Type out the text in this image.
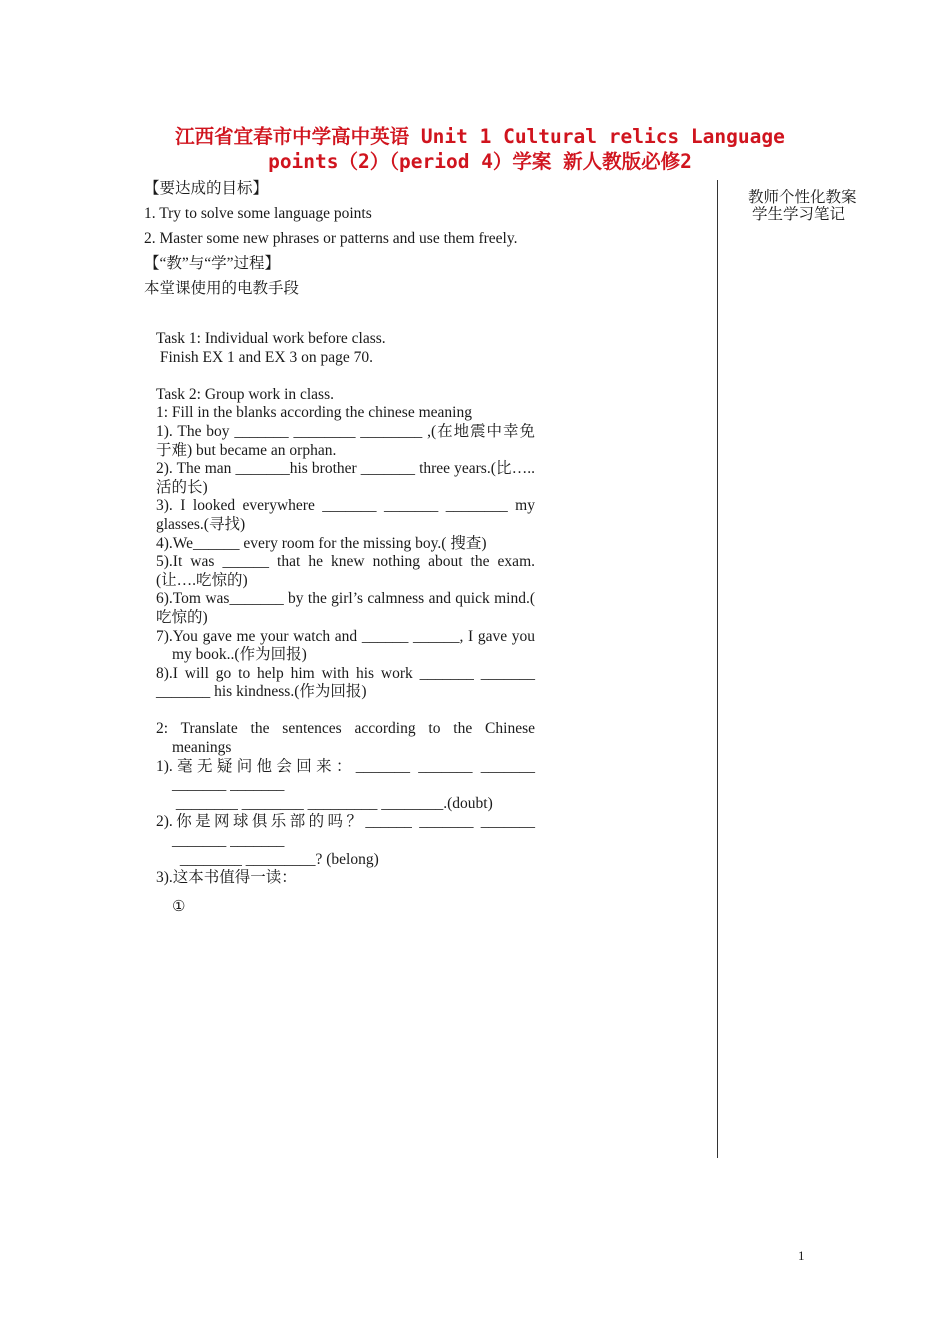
江西省宜春市中学高中英语 Unit 1 Cultural relics Language
points（2）（period 4）学案 新人教版必修2
【要达成的目标】
1. Try to solve some language points
2. Master some new phrases or patterns and use them freely.
【“教”与“学”过程】
本堂课使用的电教手段
教师个性化教案
学生学习笔记
Task 1: Individual work before class.
Finish EX 1 and EX 3 on page 70.
Task 2: Group work in class.
1: Fill in the blanks according the chinese meaning
1). The boy _______ ________ ________ ,(在地震中幸免于难) but became an orphan.
2). The man _______his brother _______ three years.(比….. 活的长)
3). I looked everywhere _______ _______ ________ my glasses.(寻找)
4).We______ every room for the missing boy.( 搜查)
5).It was ______ that he knew nothing about the exam.(让….吃惊的)
6).Tom was_______ by the girl’s calmness and quick mind.( 吃惊的)
7).You gave me your watch and ______ ______, I gave you my book..(作为回报)
8).I will go to help him with his work _______ _______ _______ his kindness.(作为回报)
2: Translate the sentences according to the Chinese meanings
1).毫无疑问他会回来：_______ _______ _______ _______ _______
________ ________ _________ ________.(doubt)
2).你是网球俱乐部的吗？______ _______ _______ _______ _______
________ _________? (belong)
3).这本书值得一读：
①
1
